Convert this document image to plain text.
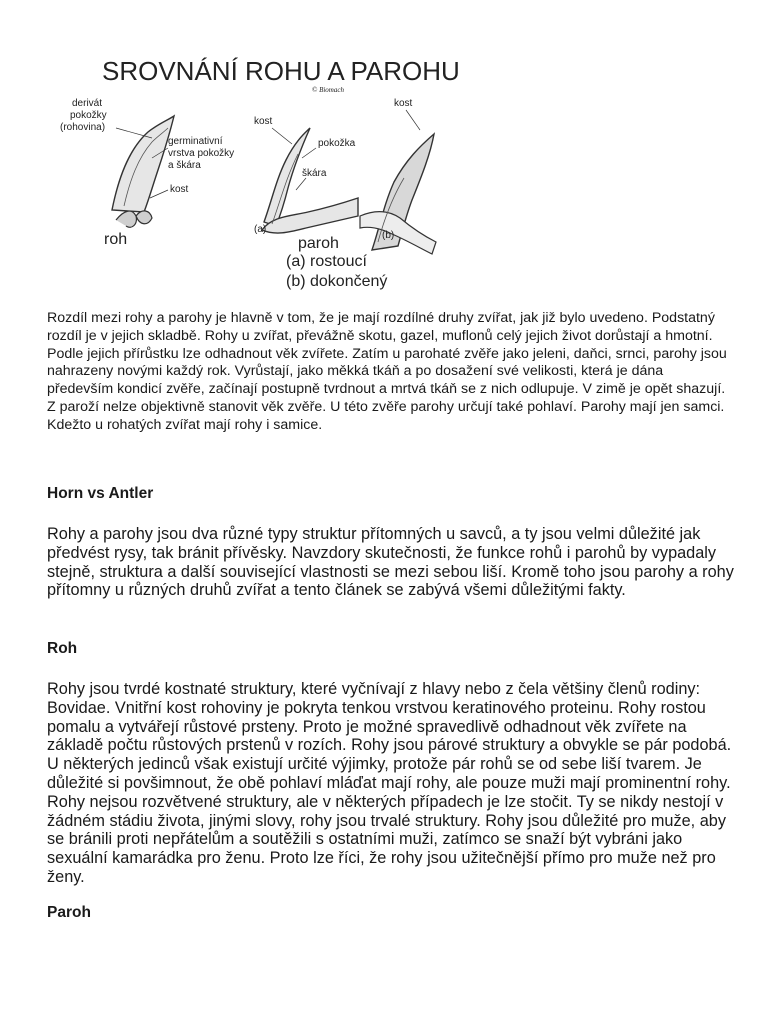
SROVNÁNÍ ROHU A PAROHU
© Biomach
derivát pokožky (rohovina)
germinativní vrstva pokožky a škára
kost
roh
kost
pokožka
škára
(a)
kost
(b)
paroh
(a) rostoucí
(b) dokončený

Rozdíl mezi rohy a parohy je hlavně v tom, že je mají rozdílné druhy zvířat, jak již bylo uvedeno. Podstatný rozdíl je v jejich skladbě. Rohy u zvířat, převážně skotu, gazel, muflonů celý jejich život dorůstají a hmotní. Podle jejich přírůstku lze odhadnout věk zvířete. Zatím u parohaté zvěře jako jeleni, daňci, srnci, parohy jsou nahrazeny novými každý rok. Vyrůstají, jako měkká tkáň a po dosažení své velikosti, která je dána především kondicí zvěře, začínají postupně tvrdnout a mrtvá tkáň se z nich odlupuje. V zimě je opět shazují. Z paroží nelze objektivně stanovit věk zvěře. U této zvěře parohy určují také pohlaví. Parohy mají jen samci. Kdežto u rohatých zvířat mají rohy i samice.

Horn vs Antler

Rohy a parohy jsou dva různé typy struktur přítomných u savců, a ty jsou velmi důležité jak předvést rysy, tak bránit přívěsky. Navzdory skutečnosti, že funkce rohů i parohů by vypadaly stejně, struktura a další související vlastnosti se mezi sebou liší. Kromě toho jsou parohy a rohy přítomny u různých druhů zvířat a tento článek se zabývá všemi důležitými fakty.

Roh

Rohy jsou tvrdé kostnaté struktury, které vyčnívají z hlavy nebo z čela většiny členů rodiny: Bovidae. Vnitřní kost rohoviny je pokryta tenkou vrstvou keratinového proteinu. Rohy rostou pomalu a vytvářejí růstové prsteny. Proto je možné spravedlivě odhadnout věk zvířete na základě počtu růstových prstenů v rozích. Rohy jsou párové struktury a obvykle se pár podobá. U některých jedinců však existují určité výjimky, protože pár rohů se od sebe liší tvarem. Je důležité si povšimnout, že obě pohlaví mláďat mají rohy, ale pouze muži mají prominentní rohy. Rohy nejsou rozvětvené struktury, ale v některých případech je lze stočit. Ty se nikdy nestojí v žádném stádiu života, jinými slovy, rohy jsou trvalé struktury. Rohy jsou důležité pro muže, aby se bránili proti nepřátelům a soutěžili s ostatními muži, zatímco se snaží být vybráni jako sexuální kamarádka pro ženu. Proto lze říci, že rohy jsou užitečnější přímo pro muže než pro ženy.

Paroh
